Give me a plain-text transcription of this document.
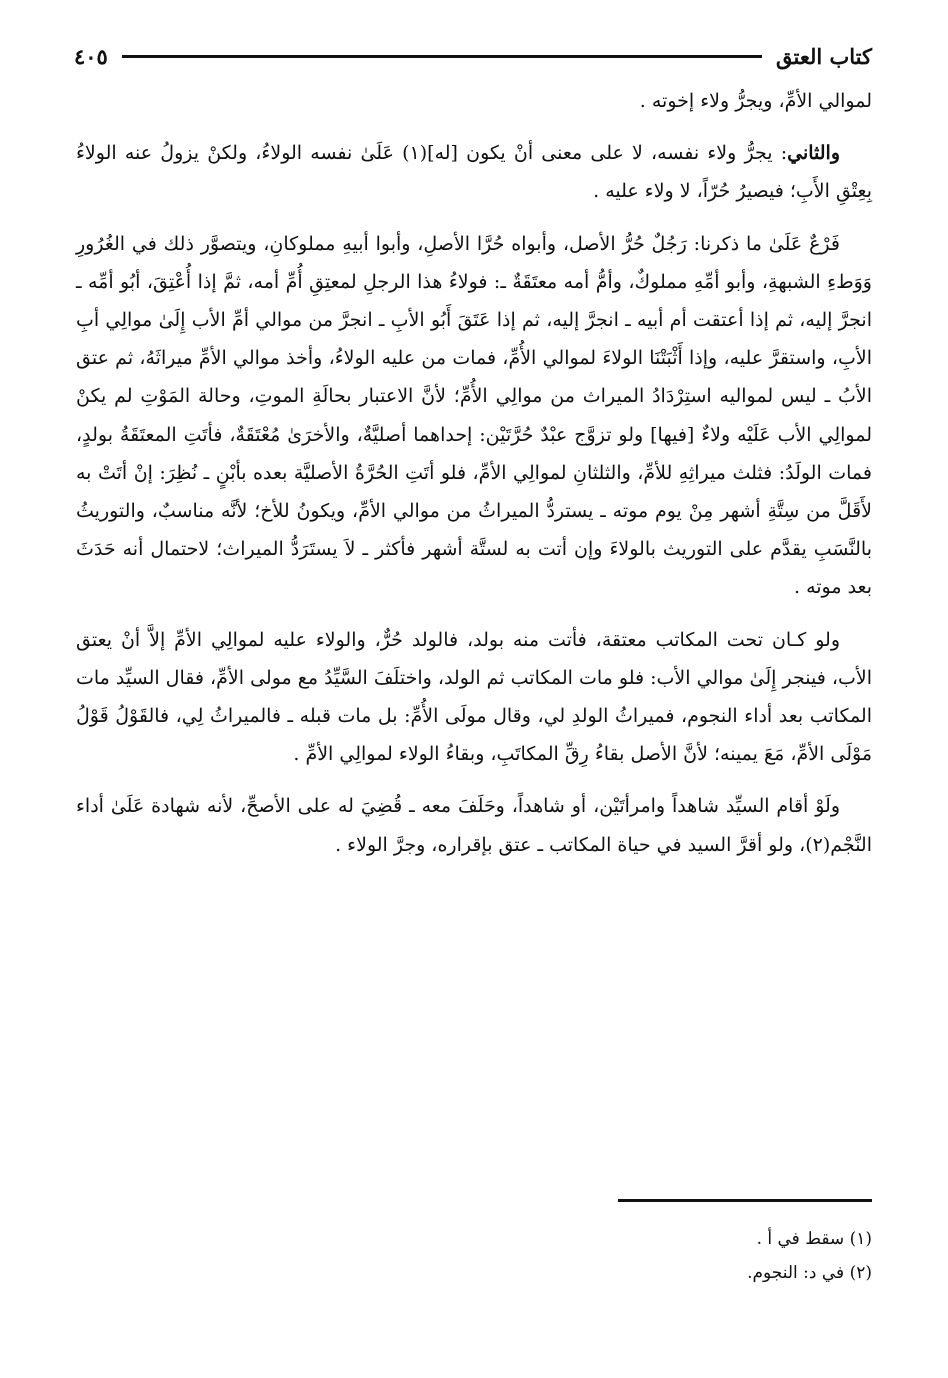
كتاب العتق
٤٠٥

لموالي الأمِّ، ويجرُّ ولاء إخوته .

والثاني: يجرُّ ولاء نفسه، لا على معنى أنْ يكون [له](١) عَلَىٰ نفسه الولاءُ، ولكنْ يزولُ عنه الولاءُ بِعِتْقِ الأَبِ؛ فيصيرُ حُرّاً، لا ولاء عليه .

فَرْعٌ عَلَىٰ ما ذكرنا: رَجُلٌ حُرُّ الأصل، وأبواه حُرَّا الأصلِ، وأبوا أبيهِ مملوكانِ، ويتصوَّر ذلك في الغُرُورِ وَوَطءِ الشبهةِ، وأبو أمِّهِ مملوكٌ، وأمُّ أمه معتَقَةٌ ـ: فولاءُ هذا الرجلِ لمعتِقِ أُمِّ أمه، ثمَّ إذا أُعْتِقَ، أبُو أمِّه ـ انجرَّ إليه، ثم إذا أعتقت أم أبيه ـ انجرَّ إليه، ثم إذا عَتَقَ أَبُو الأبِ ـ انجرَّ من موالي أمِّ الأب إِلَىٰ موالِي أبِ الأبِ، واستقرَّ عليه، وإذا أَثْبَتْنَا الولاءَ لموالي الأُمِّ، فمات من عليه الولاءُ، وأخذ موالي الأمِّ ميراثَهُ، ثم عتق الأبُ ـ ليس لمواليه استِرْدَادُ الميراث من موالِي الأُمِّ؛ لأنَّ الاعتبار بحالَةِ الموتِ، وحالة المَوْتِ لم يكنْ لموالِي الأب عَلَيْه ولاءٌ [فيها] ولو تزوَّج عبْدٌ حُرَّتَيْن: إحداهما أصليَّةٌ، والأخرَىٰ مُعْتَقَةٌ، فأتَتِ المعتَقَةُ بولدٍ، فمات الولَدُ: فثلث ميراثِهِ للأمِّ، والثلثانِ لموالِي الأمِّ، فلو أتَتِ الحُرَّةُ الأصليَّة بعده بأبْنٍ ـ نُظِرَ: إنْ أتَتْ به لأَقَلَّ من سِتَّةِ أشهر مِنْ يوم موته ـ يستردُّ الميراثُ من موالي الأمِّ، ويكونُ للأخ؛ لأنَّه مناسبٌ، والتوريثُ بالنَّسَبِ يقدَّم على التوريث بالولاءَ وإن أتت به لستَّة أشهر فأكثر ـ لاَ يستَرَدُّ الميراث؛ لاحتمال أنه حَدَثَ بعد موته .

ولو كـان تحت المكاتب معتقة، فأتت منه بولد، فالولد حُرٌّ، والولاء عليه لموالِي الأمِّ إلاَّ أنْ يعتق الأب، فينجر إِلَىٰ موالي الأب: فلو مات المكاتب ثم الولد، واختلَفَ السَّيِّدُ مع مولى الأمِّ، فقال السيِّد مات المكاتب بعد أداء النجوم، فميراثُ الولدِ لي، وقال مولَى الأُمِّ: بل مات قبله ـ فالميراثُ لِي، فالقَوْلُ قَوْلُ مَوْلَى الأمِّ، مَعَ يمينه؛ لأنَّ الأصل بقاءُ رِقِّ المكاتَبِ، وبقاءُ الولاء لموالِي الأمِّ .

ولَوْ أقام السيِّد شاهداً وامرأتَيْن، أو شاهداً، وحَلَفَ معه ـ قُضِيَ له على الأصحِّ، لأنه شهادة عَلَىٰ أداء النَّجْم(٢)، ولو أقرَّ السيد في حياة المكاتب ـ عتق بإقراره، وجرَّ الولاء .

(١) سقط في أ .
(٢) في د: النجوم.
